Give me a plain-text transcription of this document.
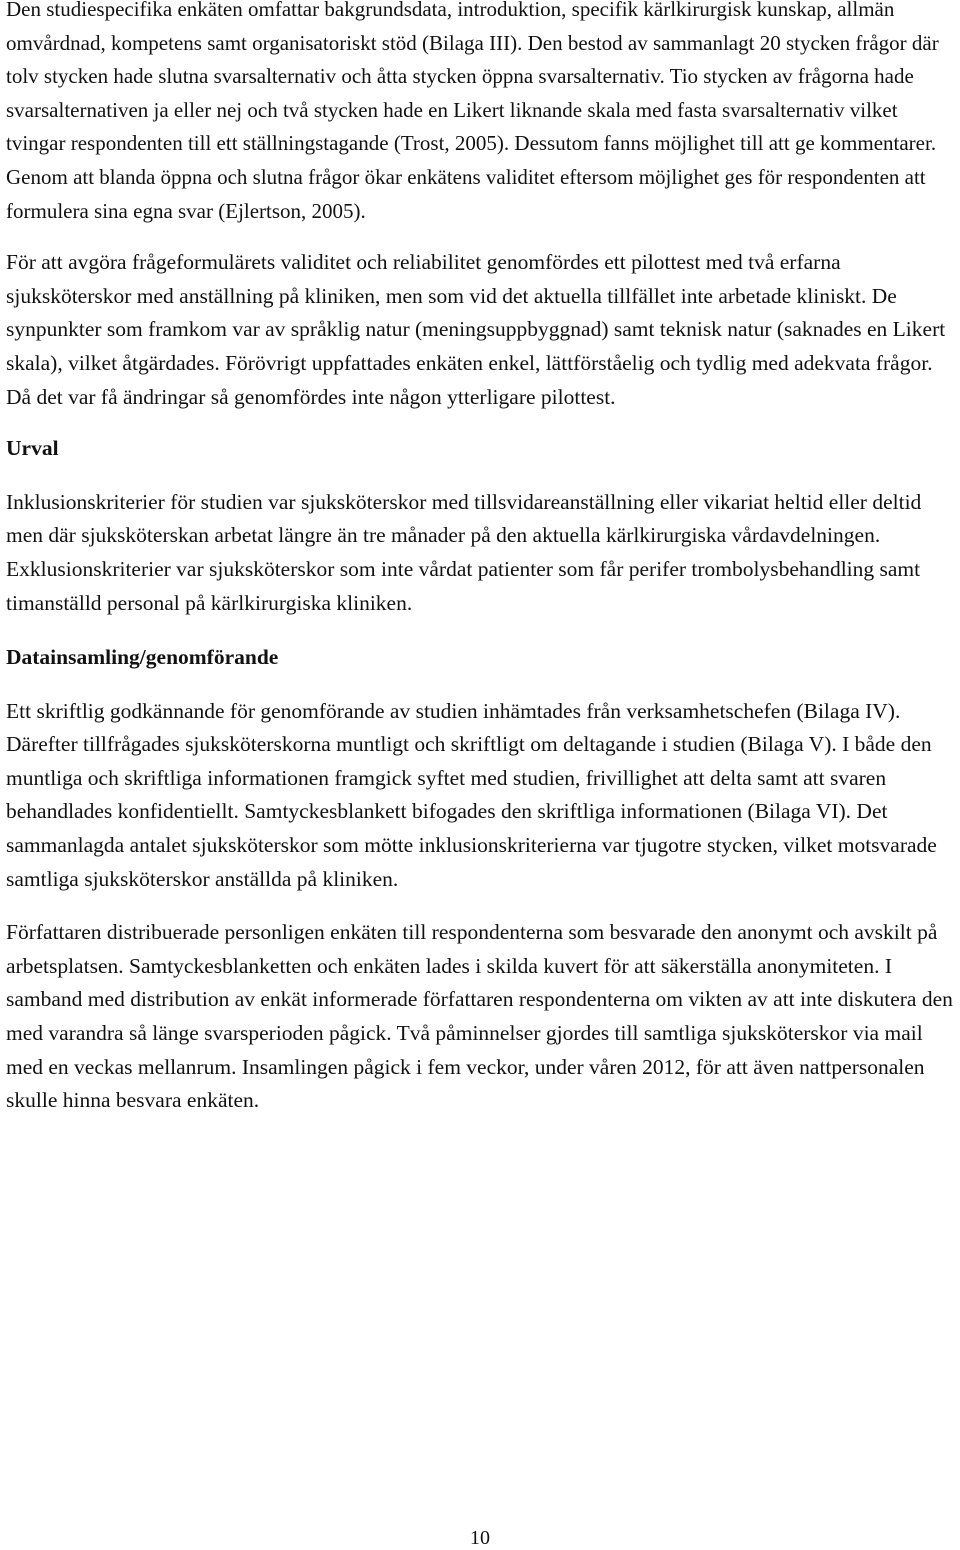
Den studiespecifika enkäten omfattar bakgrundsdata, introduktion, specifik kärlkirurgisk kunskap, allmän omvårdnad, kompetens samt organisatoriskt stöd (Bilaga III). Den bestod av sammanlagt 20 stycken frågor där tolv stycken hade slutna svarsalternativ och åtta stycken öppna svarsalternativ. Tio stycken av frågorna hade svarsalternativen ja eller nej och två stycken hade en Likert liknande skala med fasta svarsalternativ vilket tvingar respondenten till ett ställningstagande (Trost, 2005). Dessutom fanns möjlighet till att ge kommentarer. Genom att blanda öppna och slutna frågor ökar enkätens validitet eftersom möjlighet ges för respondenten att formulera sina egna svar (Ejlertson, 2005).

För att avgöra frågeformulärets validitet och reliabilitet genomfördes ett pilottest med två erfarna sjuksköterskor med anställning på kliniken, men som vid det aktuella tillfället inte arbetade kliniskt. De synpunkter som framkom var av språklig natur (meningsuppbyggnad) samt teknisk natur (saknades en Likert skala), vilket åtgärdades. Förövrigt uppfattades enkäten enkel, lättförståelig och tydlig med adekvata frågor. Då det var få ändringar så genomfördes inte någon ytterligare pilottest.

Urval

Inklusionskriterier för studien var sjuksköterskor med tillsvidareanställning eller vikariat heltid eller deltid men där sjuksköterskan arbetat längre än tre månader på den aktuella kärlkirurgiska vårdavdelningen. Exklusionskriterier var sjuksköterskor som inte vårdat patienter som får perifer trombolysbehandling samt timanställd personal på kärlkirurgiska kliniken.

Datainsamling/genomförande

Ett skriftlig godkännande för genomförande av studien inhämtades från verksamhetschefen (Bilaga IV). Därefter tillfrågades sjuksköterskorna muntligt och skriftligt om deltagande i studien (Bilaga V). I både den muntliga och skriftliga informationen framgick syftet med studien, frivillighet att delta samt att svaren behandlades konfidentiellt. Samtyckesblankett bifogades den skriftliga informationen (Bilaga VI). Det sammanlagda antalet sjuksköterskor som mötte inklusionskriterierna var tjugotre stycken, vilket motsvarade samtliga sjuksköterskor anställda på kliniken.

Författaren distribuerade personligen enkäten till respondenterna som besvarade den anonymt och avskilt på arbetsplatsen. Samtyckesblanketten och enkäten lades i skilda kuvert för att säkerställa anonymiteten. I samband med distribution av enkät informerade författaren respondenterna om vikten av att inte diskutera den med varandra så länge svarsperioden pågick. Två påminnelser gjordes till samtliga sjuksköterskor via mail med en veckas mellanrum. Insamlingen pågick i fem veckor, under våren 2012, för att även nattpersonalen skulle hinna besvara enkäten.

10
